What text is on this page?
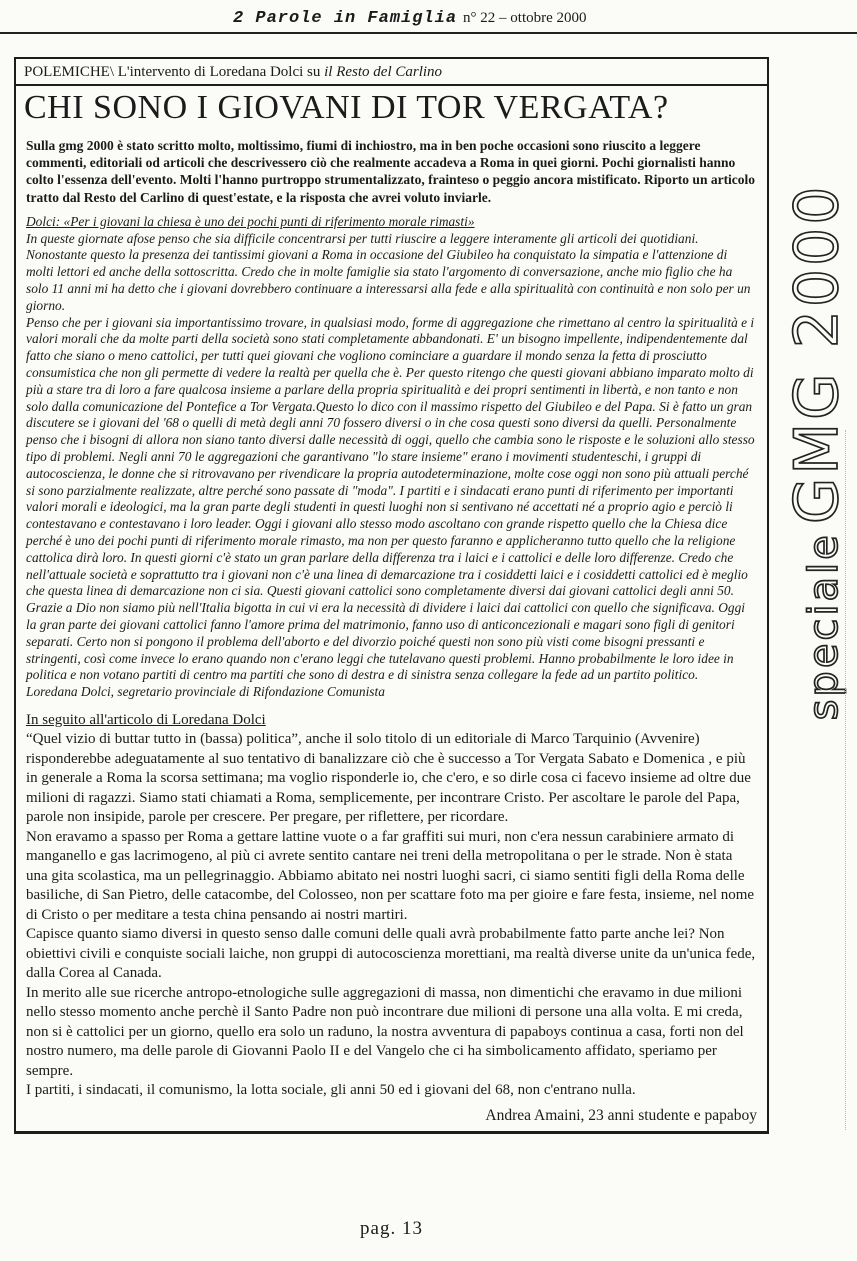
2 Parole in Famiglia n° 22 – ottobre 2000
POLEMICHE\ L'intervento di Loredana Dolci su il Resto del Carlino
CHI SONO I GIOVANI DI TOR VERGATA?
Sulla gmg 2000 è stato scritto molto, moltissimo, fiumi di inchiostro, ma in ben poche occasioni sono riuscito a leggere commenti, editoriali od articoli che descrivessero ciò che realmente accadeva a Roma in quei giorni. Pochi giornalisti hanno colto l'essenza dell'evento. Molti l'hanno purtroppo strumentalizzato, frainteso o peggio ancora mistificato. Riporto un articolo tratto dal Resto del Carlino di quest'estate, e la risposta che avrei voluto inviarle.
Dolci: «Per i giovani la chiesa è uno dei pochi punti di riferimento morale rimasti»

In queste giornate afose penso che sia difficile concentrarsi per tutti riuscire a leggere interamente gli articoli dei quotidiani. Nonostante questo la presenza dei tantissimi giovani a Roma in occasione del Giubileo ha conquistato la simpatia e l'attenzione di molti lettori ed anche della sottoscritta. Credo che in molte famiglie sia stato l'argomento di conversazione, anche mio figlio che ha solo 11 anni mi ha detto che i giovani dovrebbero continuare a interessarsi alla fede e alla spiritualità con continuità e non solo per un giorno.

Penso che per i giovani sia importantissimo trovare, in qualsiasi modo, forme di aggregazione che rimettano al centro la spiritualità e i valori morali che da molte parti della società sono stati completamente abbandonati. E' un bisogno impellente, indipendentemente dal fatto che siano o meno cattolici, per tutti quei giovani che vogliono cominciare a guardare il mondo senza la fetta di prosciutto consumistica che non gli permette di vedere la realtà per quella che è. Per questo ritengo che questi giovani abbiano imparato molto di più a stare tra di loro a fare qualcosa insieme a parlare della propria spiritualità e dei propri sentimenti in libertà, e non tanto e non solo dalla comunicazione del Pontefice a Tor Vergata.Questo lo dico con il massimo rispetto del Giubileo e del Papa. Si è fatto un gran discutere se i giovani del '68 o quelli di metà degli anni 70 fossero diversi o in che cosa questi sono diversi da quelli. Personalmente penso che i bisogni di allora non siano tanto diversi dalle necessità di oggi, quello che cambia sono le risposte e le soluzioni allo stesso tipo di problemi. Negli anni 70 le aggregazioni che garantivano "lo stare insieme" erano i movimenti studenteschi, i gruppi di autocoscienza, le donne che si ritrovavano per rivendicare la propria autodeterminazione, molte cose oggi non sono più attuali perché si sono parzialmente realizzate, altre perché sono passate di "moda". I partiti e i sindacati erano punti di riferimento per importanti valori morali e ideologici, ma la gran parte degli studenti in questi luoghi non si sentivano né accettati né a proprio agio e perciò li contestavano e contestavano i loro leader. Oggi i giovani allo stesso modo ascoltano con grande rispetto quello che la Chiesa dice perché è uno dei pochi punti di riferimento morale rimasto, ma non per questo faranno e applicheranno tutto quello che la religione cattolica dirà loro. In questi giorni c'è stato un gran parlare della differenza tra i laici e i cattolici e delle loro differenze. Credo che nell'attuale società e soprattutto tra i giovani non c'è una linea di demarcazione tra i cosiddetti laici e i cosiddetti cattolici ed è meglio che questa linea di demarcazione non ci sia. Questi giovani cattolici sono completamente diversi dai giovani cattolici degli anni 50. Grazie a Dio non siamo più nell'Italia bigotta in cui vi era la necessità di dividere i laici dai cattolici con quello che significava. Oggi la gran parte dei giovani cattolici fanno l'amore prima del matrimonio, fanno uso di anticoncezionali e magari sono figli di genitori separati. Certo non si pongono il problema dell'aborto e del divorzio poiché questi non sono più visti come bisogni pressanti e stringenti, così come invece lo erano quando non c'erano leggi che tutelavano questi problemi. Hanno probabilmente le loro idee in politica e non votano partiti di centro ma partiti che sono di destra e di sinistra senza collegare la fede ad un partito politico.

Loredana Dolci, segretario provinciale di Rifondazione Comunista
In seguito all'articolo di Loredana Dolci

“Quel vizio di buttar tutto in (bassa) politica”, anche il solo titolo di un editoriale di Marco Tarquinio (Avvenire) risponderebbe adeguatamente al suo tentativo di banalizzare ciò che è successo a Tor Vergata Sabato e Domenica , e più in generale a Roma la scorsa settimana; ma voglio risponderle io, che c'ero, e so dirle cosa ci facevo insieme ad oltre due milioni di ragazzi. Siamo stati chiamati a Roma, semplicemente, per incontrare Cristo. Per ascoltare le parole del Papa, parole non insipide, parole per crescere. Per pregare, per riflettere, per ricordare.

Non eravamo a spasso per Roma a gettare lattine vuote o a far graffiti sui muri, non c'era nessun carabiniere armato di manganello e gas lacrimogeno, al più ci avrete sentito cantare nei treni della metropolitana o per le strade. Non è stata una gita scolastica, ma un pellegrinaggio. Abbiamo abitato nei nostri luoghi sacri, ci siamo sentiti figli della Roma delle basiliche, di San Pietro, delle catacombe, del Colosseo, non per scattare foto ma per gioire e fare festa, insieme, nel nome di Cristo o per meditare a testa china pensando ai nostri martiri.

Capisce quanto siamo diversi in questo senso dalle comuni delle quali avrà probabilmente fatto parte anche lei? Non obiettivi civili e conquiste sociali laiche, non gruppi di autocoscienza morettiani, ma realtà diverse unite da un'unica fede, dalla Corea al Canada.

In merito alle sue ricerche antropo-etnologiche sulle aggregazioni di massa, non dimentichi che eravamo in due milioni nello stesso momento anche perchè il Santo Padre non può incontrare due milioni di persone una alla volta. E mi creda, non si è cattolici per un giorno, quello era solo un raduno, la nostra avventura di papaboys continua a casa, forti non del nostro numero, ma delle parole di Giovanni Paolo II e del Vangelo che ci ha simbolicamento affidato, speriamo per sempre.

I partiti, i sindacati, il comunismo, la lotta sociale, gli anni 50 ed i giovani del 68, non c'entrano nulla.

Andrea Amaini, 23 anni studente e papaboy
speciale GMG 2000
pag. 13
